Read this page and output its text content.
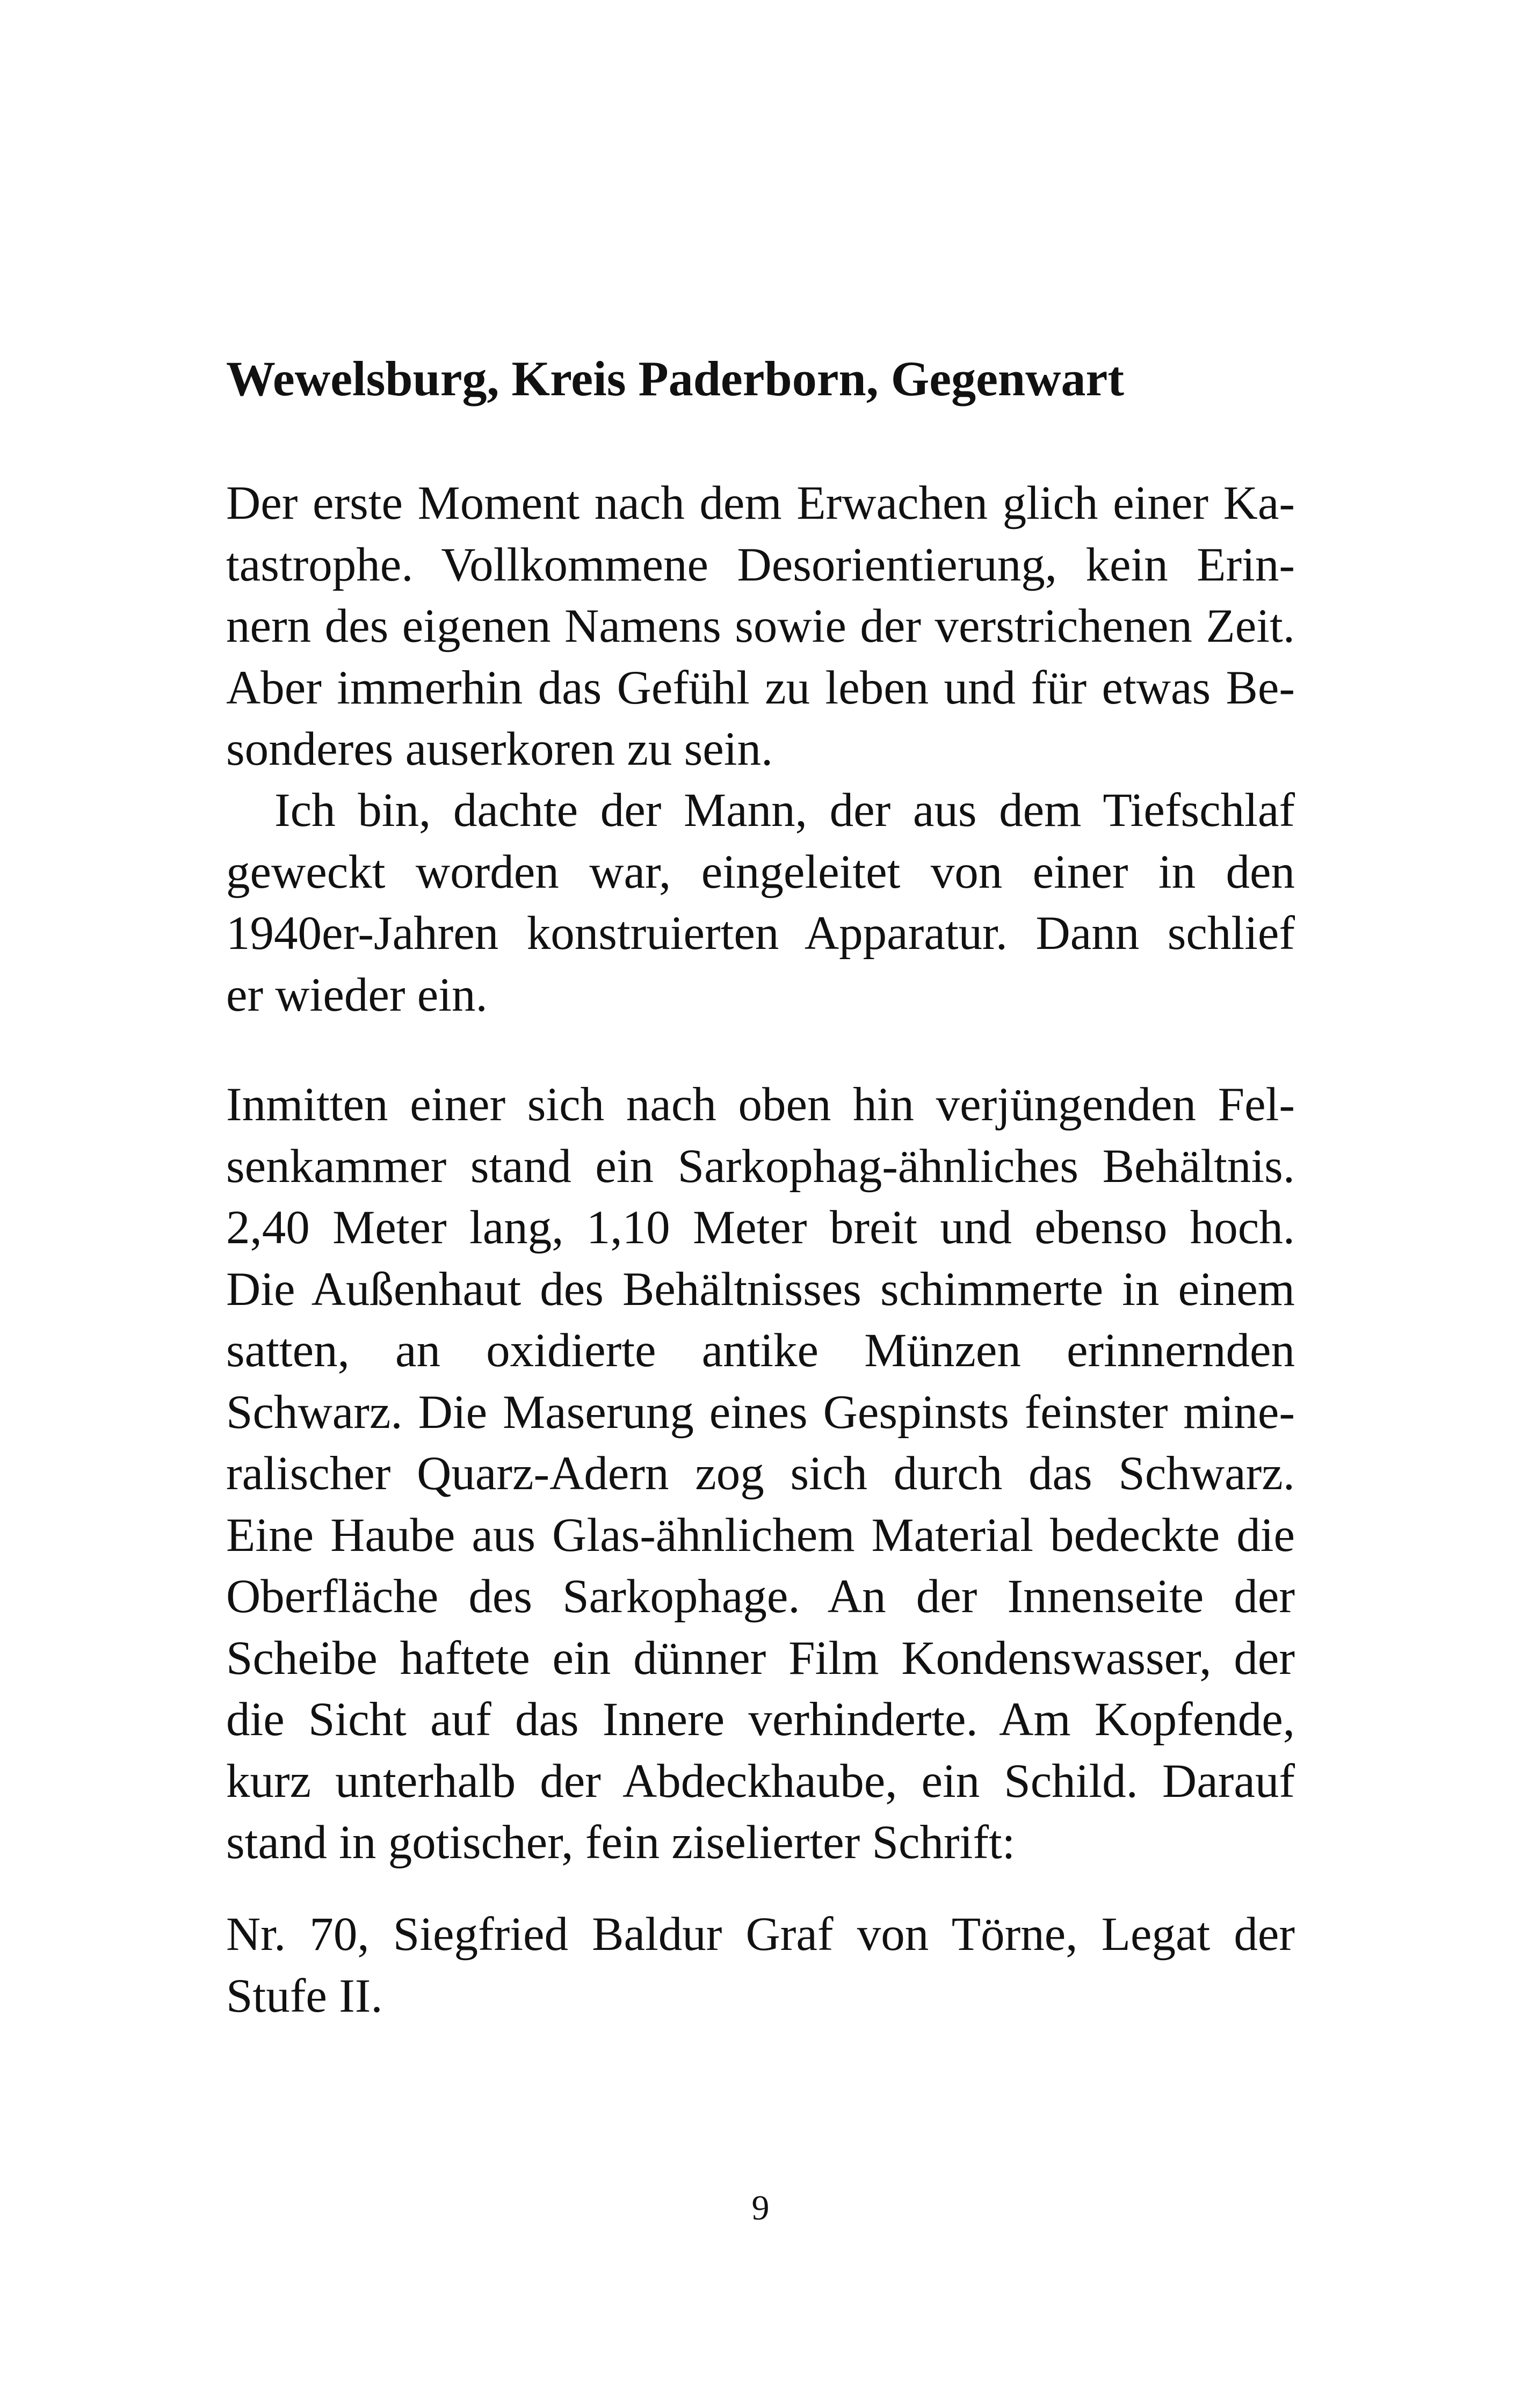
Wewelsburg, Kreis Paderborn, Gegenwart
Der erste Moment nach dem Erwachen glich einer Ka-
tastrophe. Vollkommene Desorientierung, kein Erin-
nern des eigenen Namens sowie der verstrichenen Zeit.
Aber immerhin das Gefühl zu leben und für etwas Be-
sonderes auserkoren zu sein.
Ich bin, dachte der Mann, der aus dem Tiefschlaf
geweckt worden war, eingeleitet von einer in den
1940er-Jahren konstruierten Apparatur. Dann schlief
er wieder ein.
Inmitten einer sich nach oben hin verjüngenden Fel-
senkammer stand ein Sarkophag-ähnliches Behältnis.
2,40 Meter lang, 1,10 Meter breit und ebenso hoch.
Die Außenhaut des Behältnisses schimmerte in einem
satten, an oxidierte antike Münzen erinnernden
Schwarz. Die Maserung eines Gespinsts feinster mine-
ralischer Quarz-Adern zog sich durch das Schwarz.
Eine Haube aus Glas-ähnlichem Material bedeckte die
Oberfläche des Sarkophage. An der Innenseite der
Scheibe haftete ein dünner Film Kondenswasser, der
die Sicht auf das Innere verhinderte. Am Kopfende,
kurz unterhalb der Abdeckhaube, ein Schild. Darauf
stand in gotischer, fein ziselierter Schrift:
Nr. 70, Siegfried Baldur Graf von Törne, Legat der
Stufe II.
9
